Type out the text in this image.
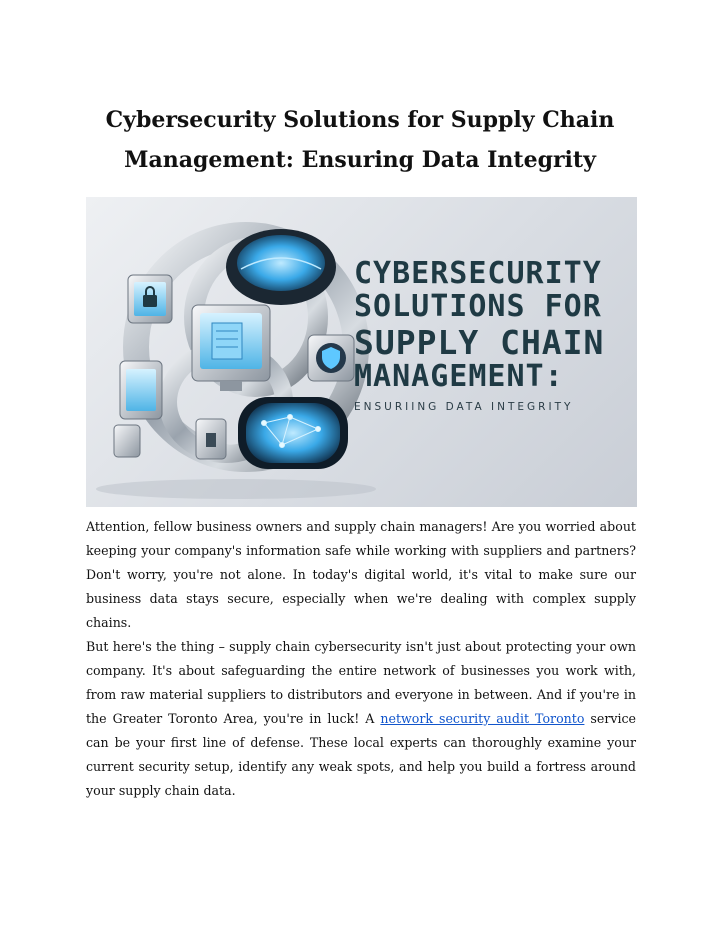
Cybersecurity Solutions for Supply Chain Management: Ensuring Data Integrity
CYBERSECURITY
SOLUTIONS FOR
SUPPLY CHAIN
MANAGEMENT:
ENSURIING DATA INTEGRITY

Attention, fellow business owners and supply chain managers! Are you worried about keeping your company's information safe while working with suppliers and partners? Don't worry, you're not alone. In today's digital world, it's vital to make sure our business data stays secure, especially when we're dealing with complex supply chains.

But here's the thing – supply chain cybersecurity isn't just about protecting your own company. It's about safeguarding the entire network of businesses you work with, from raw material suppliers to distributors and everyone in between. And if you're in the Greater Toronto Area, you're in luck! A network security audit Toronto service can be your first line of defense. These local experts can thoroughly examine your current security setup, identify any weak spots, and help you build a fortress around your supply chain data.
